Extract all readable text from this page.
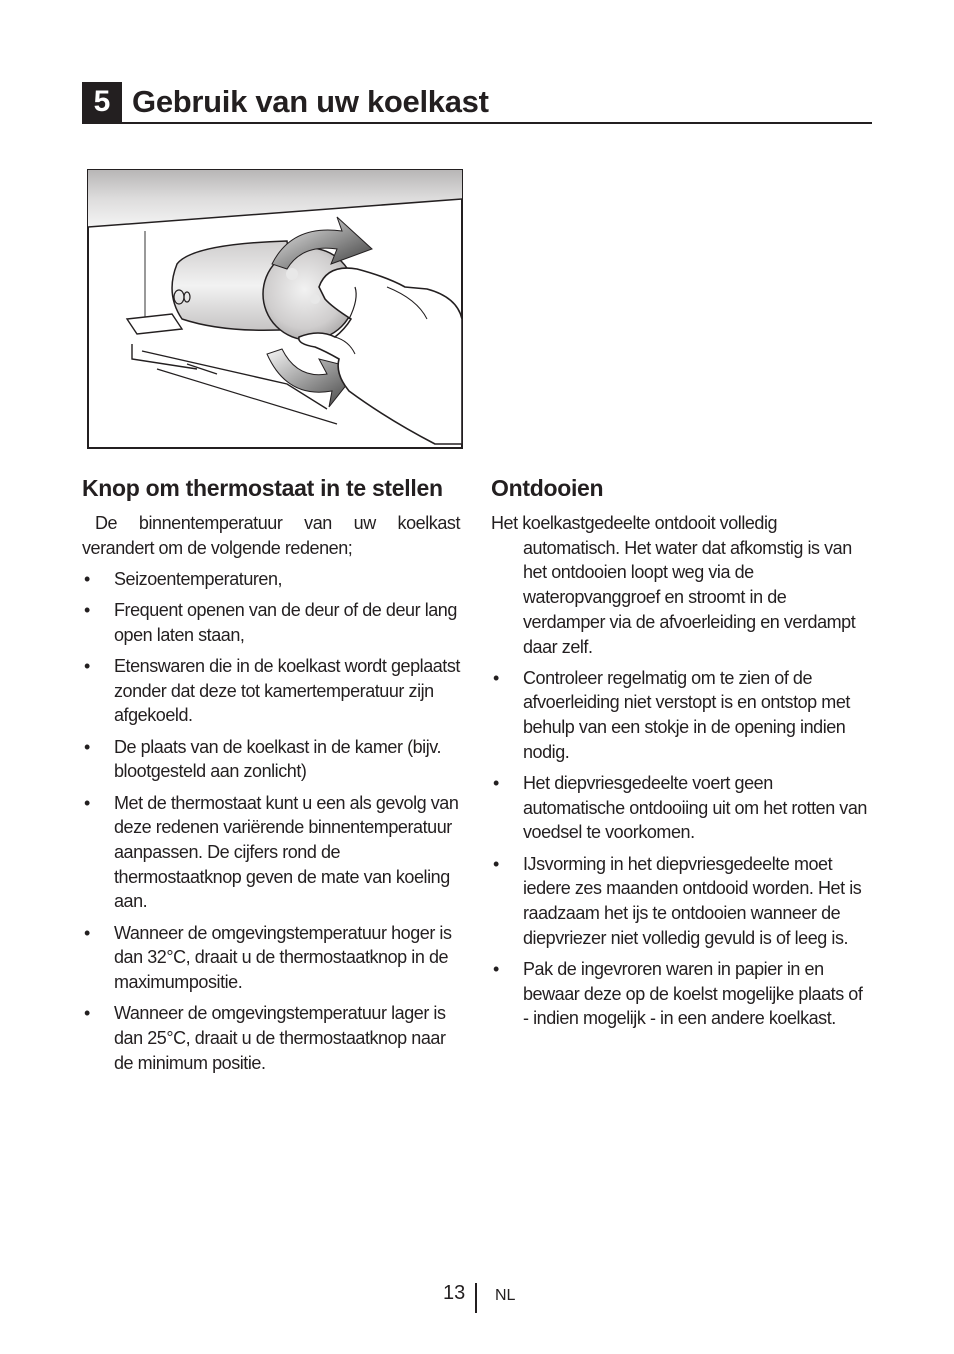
5 Gebruik van uw koelkast
Knop om thermostaat in te stellen

De binnentemperatuur van uw koelkast verandert om de volgende redenen;

• Seizoentemperaturen,
• Frequent openen van de deur of de deur lang open laten staan,
• Etenswaren die in de koelkast wordt geplaatst zonder dat deze tot kamertemperatuur zijn afgekoeld.
• De plaats van de koelkast in de kamer (bijv. blootgesteld aan zonlicht)
• Met de thermostaat kunt u een als gevolg van deze redenen variërende binnentemperatuur aanpassen. De cijfers rond de thermostaatknop geven de mate van koeling aan.
• Wanneer de omgevingstemperatuur hoger is dan 32°C, draait u de thermostaatknop in de maximumpositie.
• Wanneer de omgevingstemperatuur lager is dan 25°C, draait u de thermostaatknop naar de minimum positie.
Ontdooien

Het koelkastgedeelte ontdooit volledig automatisch. Het water dat afkomstig is van het ontdooien loopt weg via de wateropvanggroef en stroomt in de verdamper via de afvoerleiding en verdampt daar zelf.

• Controleer regelmatig om te zien of de afvoerleiding niet verstopt is en ontstop met behulp van een stokje in de opening indien nodig.
• Het diepvriesgedeelte voert geen automatische ontdooiing uit om het rotten van voedsel te voorkomen.
• IJsvorming in het diepvriesgedeelte moet iedere zes maanden ontdooid worden. Het is raadzaam het ijs te ontdooien wanneer de diepvriezer niet volledig gevuld is of leeg is.
• Pak de ingevroren waren in papier in en bewaar deze op de koelst mogelijke plaats of - indien mogelijk - in een andere koelkast.
13 NL
